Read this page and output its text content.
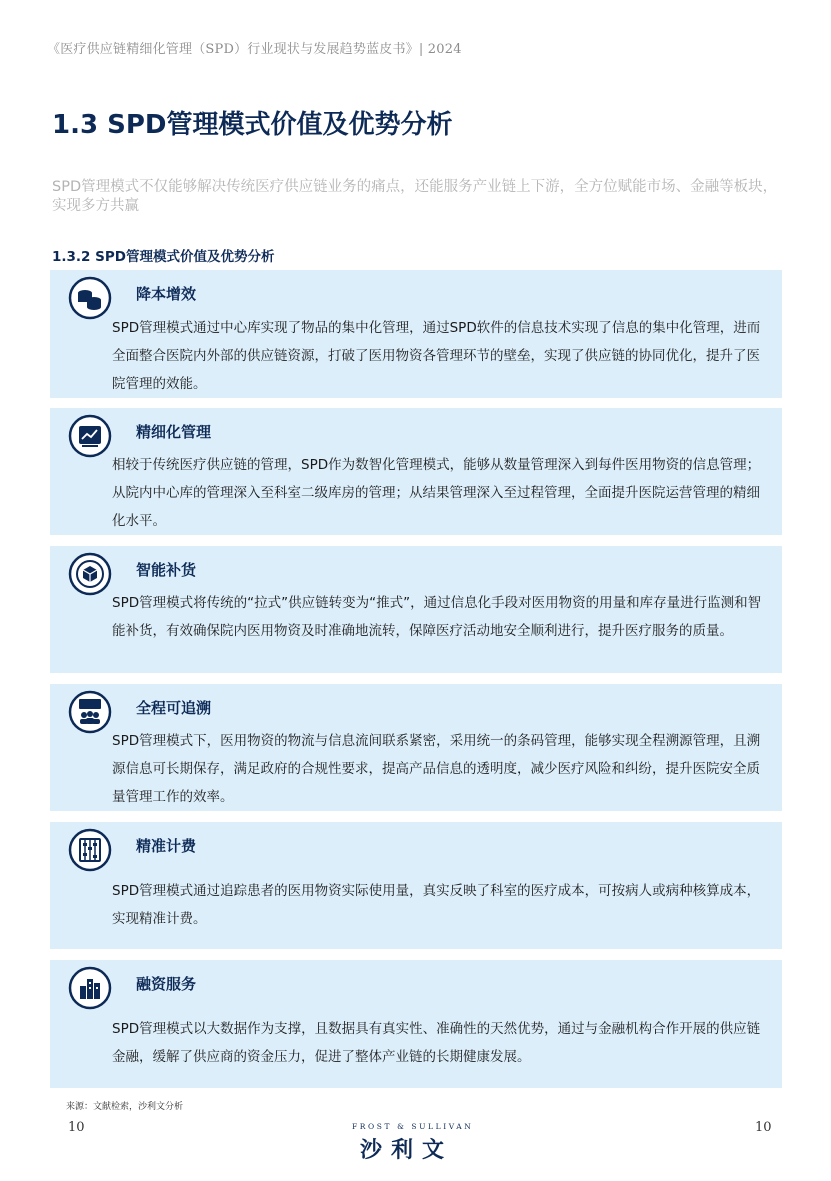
《医疗供应链精细化管理（SPD）行业现状与发展趋势蓝皮书》| 2024
1.3 SPD管理模式价值及优势分析
SPD管理模式不仅能够解决传统医疗供应链业务的痛点，还能服务产业链上下游，全方位赋能市场、金融等板块，实现多方共赢
1.3.2 SPD管理模式价值及优势分析
降本增效
SPD管理模式通过中心库实现了物品的集中化管理，通过SPD软件的信息技术实现了信息的集中化管理，进而全面整合医院内外部的供应链资源，打破了医用物资各管理环节的壁垒，实现了供应链的协同优化，提升了医院管理的效能。
精细化管理
相较于传统医疗供应链的管理，SPD作为数智化管理模式，能够从数量管理深入到每件医用物资的信息管理；从院内中心库的管理深入至科室二级库房的管理；从结果管理深入至过程管理，全面提升医院运营管理的精细化水平。
智能补货
SPD管理模式将传统的“拉式”供应链转变为“推式”，通过信息化手段对医用物资的用量和库存量进行监测和智能补货，有效确保院内医用物资及时准确地流转，保障医疗活动地安全顺利进行，提升医疗服务的质量。
全程可追溯
SPD管理模式下，医用物资的物流与信息流间联系紧密，采用统一的条码管理，能够实现全程溯源管理，且溯源信息可长期保存，满足政府的合规性要求，提高产品信息的透明度，减少医疗风险和纠纷，提升医院安全质量管理工作的效率。
精准计费
SPD管理模式通过追踪患者的医用物资实际使用量，真实反映了科室的医疗成本，可按病人或病种核算成本，实现精准计费。
融资服务
SPD管理模式以大数据作为支撑，且数据具有真实性、准确性的天然优势，通过与金融机构合作开展的供应链金融，缓解了供应商的资金压力，促进了整体产业链的长期健康发展。
来源：文献检索，沙利文分析
10	10
FROST & SULLIVAN
沙利文
